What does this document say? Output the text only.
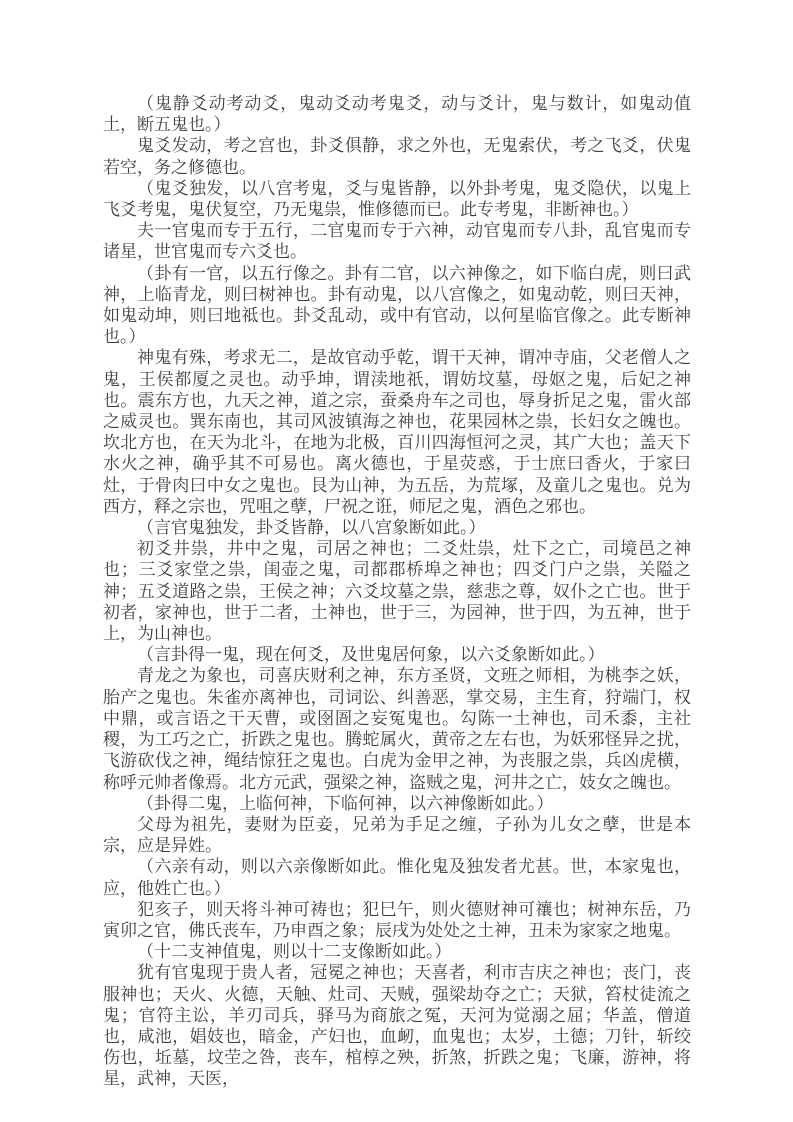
（鬼静爻动考动爻，鬼动爻动考鬼爻，动与爻计，鬼与数计，如鬼动值土，断五鬼也。）

鬼爻发动，考之宫也，卦爻俱静，求之外也，无鬼索伏，考之飞爻，伏鬼若空，务之修德也。

（鬼爻独发，以八宫考鬼，爻与鬼皆静，以外卦考鬼，鬼爻隐伏，以鬼上飞爻考鬼，鬼伏复空，乃无鬼祟，惟修德而已。此专考鬼，非断神也。）

夫一官鬼而专于五行，二官鬼而专于六神，动官鬼而专八卦，乱官鬼而专诸星，世官鬼而专六爻也。

（卦有一官，以五行像之。卦有二官，以六神像之，如下临白虎，则曰武神，上临青龙，则曰树神也。卦有动鬼，以八宫像之，如鬼动乾，则曰天神，如鬼动坤，则曰地祗也。卦爻乱动，或中有官动，以何星临官像之。此专断神也。）

神鬼有殊，考求无二，是故官动乎乾，谓干天神，谓冲寺庙，父老僧人之鬼，王侯都厦之灵也。动乎坤，谓渎地祇，谓妨坟墓，母妪之鬼，后妃之神也。震东方也，九天之神，道之宗，蚕桑舟车之司也，辱身折足之鬼，雷火部之威灵也。巽东南也，其司风波镇海之神也，花果园林之祟，长妇女之魄也。坎北方也，在天为北斗，在地为北极，百川四海恒河之灵，其广大也；盖天下水火之神，确乎其不可易也。离火德也，于星荧惑，于士庶曰香火，于家曰灶，于骨肉曰中女之鬼也。艮为山神，为五岳，为荒塚，及童儿之鬼也。兑为西方，释之宗也，咒咀之孽，尸祝之诳，师尼之鬼，酒色之邪也。

（言官鬼独发，卦爻皆静，以八宫象断如此。）

初爻井祟，井中之鬼，司居之神也；二爻灶祟，灶下之亡，司境邑之神也；三爻家堂之祟，闺壶之鬼，司都郡桥埠之神也；四爻门户之祟，关隘之神；五爻道路之祟，王侯之神；六爻坟墓之祟，慈悲之尊，奴仆之亡也。世于初者，家神也，世于二者，土神也，世于三，为园神，世于四，为五神，世于上，为山神也。

（言卦得一鬼，现在何爻，及世鬼居何象，以六爻象断如此。）

青龙之为象也，司喜庆财利之神，东方圣贤，文班之师相，为桃李之妖，胎产之鬼也。朱雀亦离神也，司词讼、纠善恶，掌交易，主生育，狩端门，权中鼎，或言语之干天曹，或囹圄之妄冤鬼也。勾陈一土神也，司禾黍，主社稷，为工巧之亡，折跌之鬼也。腾蛇属火，黄帝之左右也，为妖邪怪异之扰，飞游砍伐之神，绳结惊狂之鬼也。白虎为金甲之神，为丧服之祟，兵凶虎横，称呼元帅者像焉。北方元武，强梁之神，盗贼之鬼，河井之亡，妓女之魄也。

（卦得二鬼，上临何神，下临何神，以六神像断如此。）

父母为祖先，妻财为臣妾，兄弟为手足之缠，子孙为儿女之孽，世是本宗，应是异姓。

（六亲有动，则以六亲像断如此。惟化鬼及独发者尤甚。世，本家鬼也，应，他姓亡也。）

犯亥子，则天将斗神可祷也；犯巳午，则火德财神可禳也；树神东岳，乃寅卯之官，佛氏丧车，乃申酉之象；辰戌为处处之土神，丑未为家家之地鬼。

（十二支神值鬼，则以十二支像断如此。）

犹有官鬼现于贵人者，冠冕之神也；天喜者，利市吉庆之神也；丧门，丧服神也；天火、火德，天触、灶司、天贼，强梁劫夺之亡；天狱，笞杖徒流之鬼；官符主讼，羊刃司兵，驿马为商旅之冤，天河为觉溺之屈；华盖，僧道也，咸池，娼妓也，暗金，产妇也，血衂，血鬼也；太岁，土德；刀针，斩绞伤也，坵墓，坟茔之咎，丧车，棺椁之殃，折煞，折跌之鬼；飞廉，游神，将星，武神，天医，
